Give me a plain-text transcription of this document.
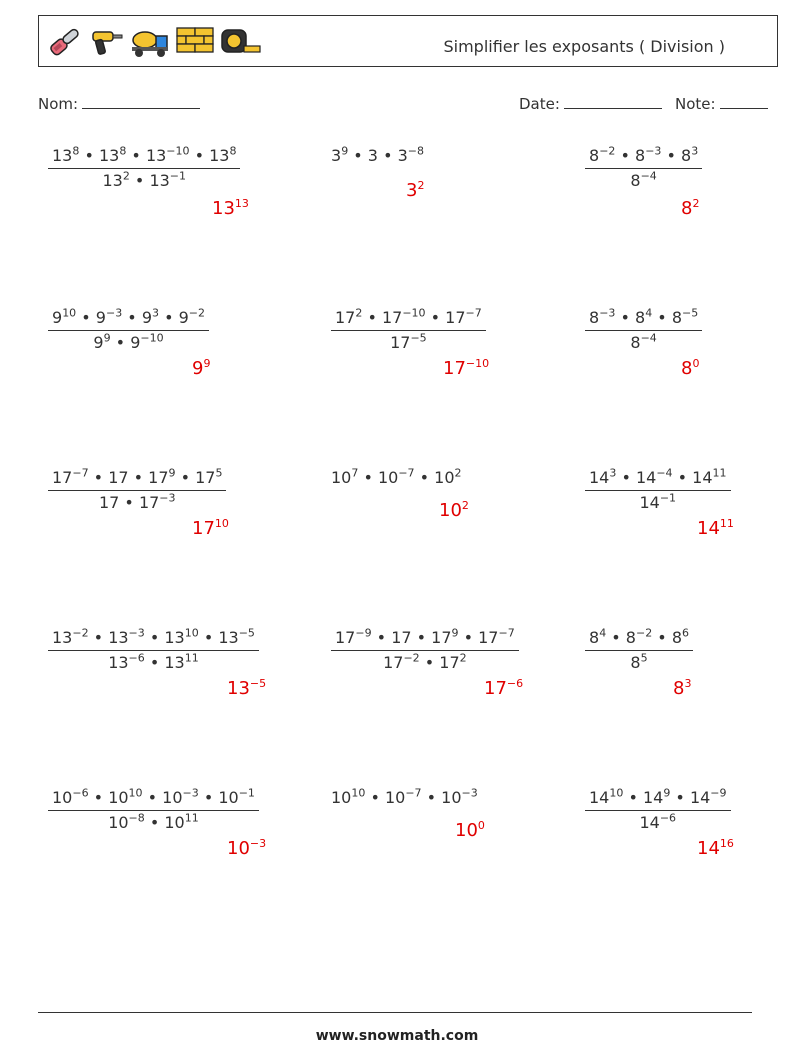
Simplifier les exposants ( Division )
Nom:	Date:	Note:
$\frac{13^8 • 13^8 • 13^{-10} • 13^8}{13^2 • 13^{-1}}$
$13^{13}$
$3^9$ • 3 • $3^{-8}$
$3^2$	$\frac{8^{-2} • 8^{-3} • 8^3}{8^{-4}}$
$8^2$
$\frac{9^{10} • 9^{-3} • 9^3 • 9^{-2}}{9^9 • 9^{-10}}$
$9^9$
$\frac{17^2 • 17^{-10} • 17^{-7}}{17^{-5}}$
$17^{-10}$
$\frac{8^{-3} • 8^4 • 8^{-5}}{8^{-4}}$
$8^0$
$\frac{17^{-7} • 17 • 17^9 • 17^5}{17 • 17^{-3}}$
$17^{10}$
$10^7$ • $10^{-7}$ • $10^2$
$10^2$	$\frac{14^3 • 14^{-4} • 14^{11}}{14^{-1}}$
$14^{11}$
$\frac{13^{-2} • 13^{-3} • 13^{10} • 13^{-5}}{13^{-6} • 13^{11}}$
$13^{-5}$
$\frac{17^{-9} • 17 • 17^9 • 17^{-7}}{17^{-2} • 17^2}$
$17^{-6}$
$\frac{8^4 • 8^{-2} • 8^6}{8^5}$
$8^3$
$\frac{10^{-6} • 10^{10} • 10^{-3} • 10^{-1}}{10^{-8} • 10^{11}}$
$10^{-3}$
$10^{10}$ • $10^{-7}$ • $10^{-3}$
$10^0$	$\frac{14^{10} • 14^9 • 14^{-9}}{14^{-6}}$
$14^{16}$
www.snowmath.com
